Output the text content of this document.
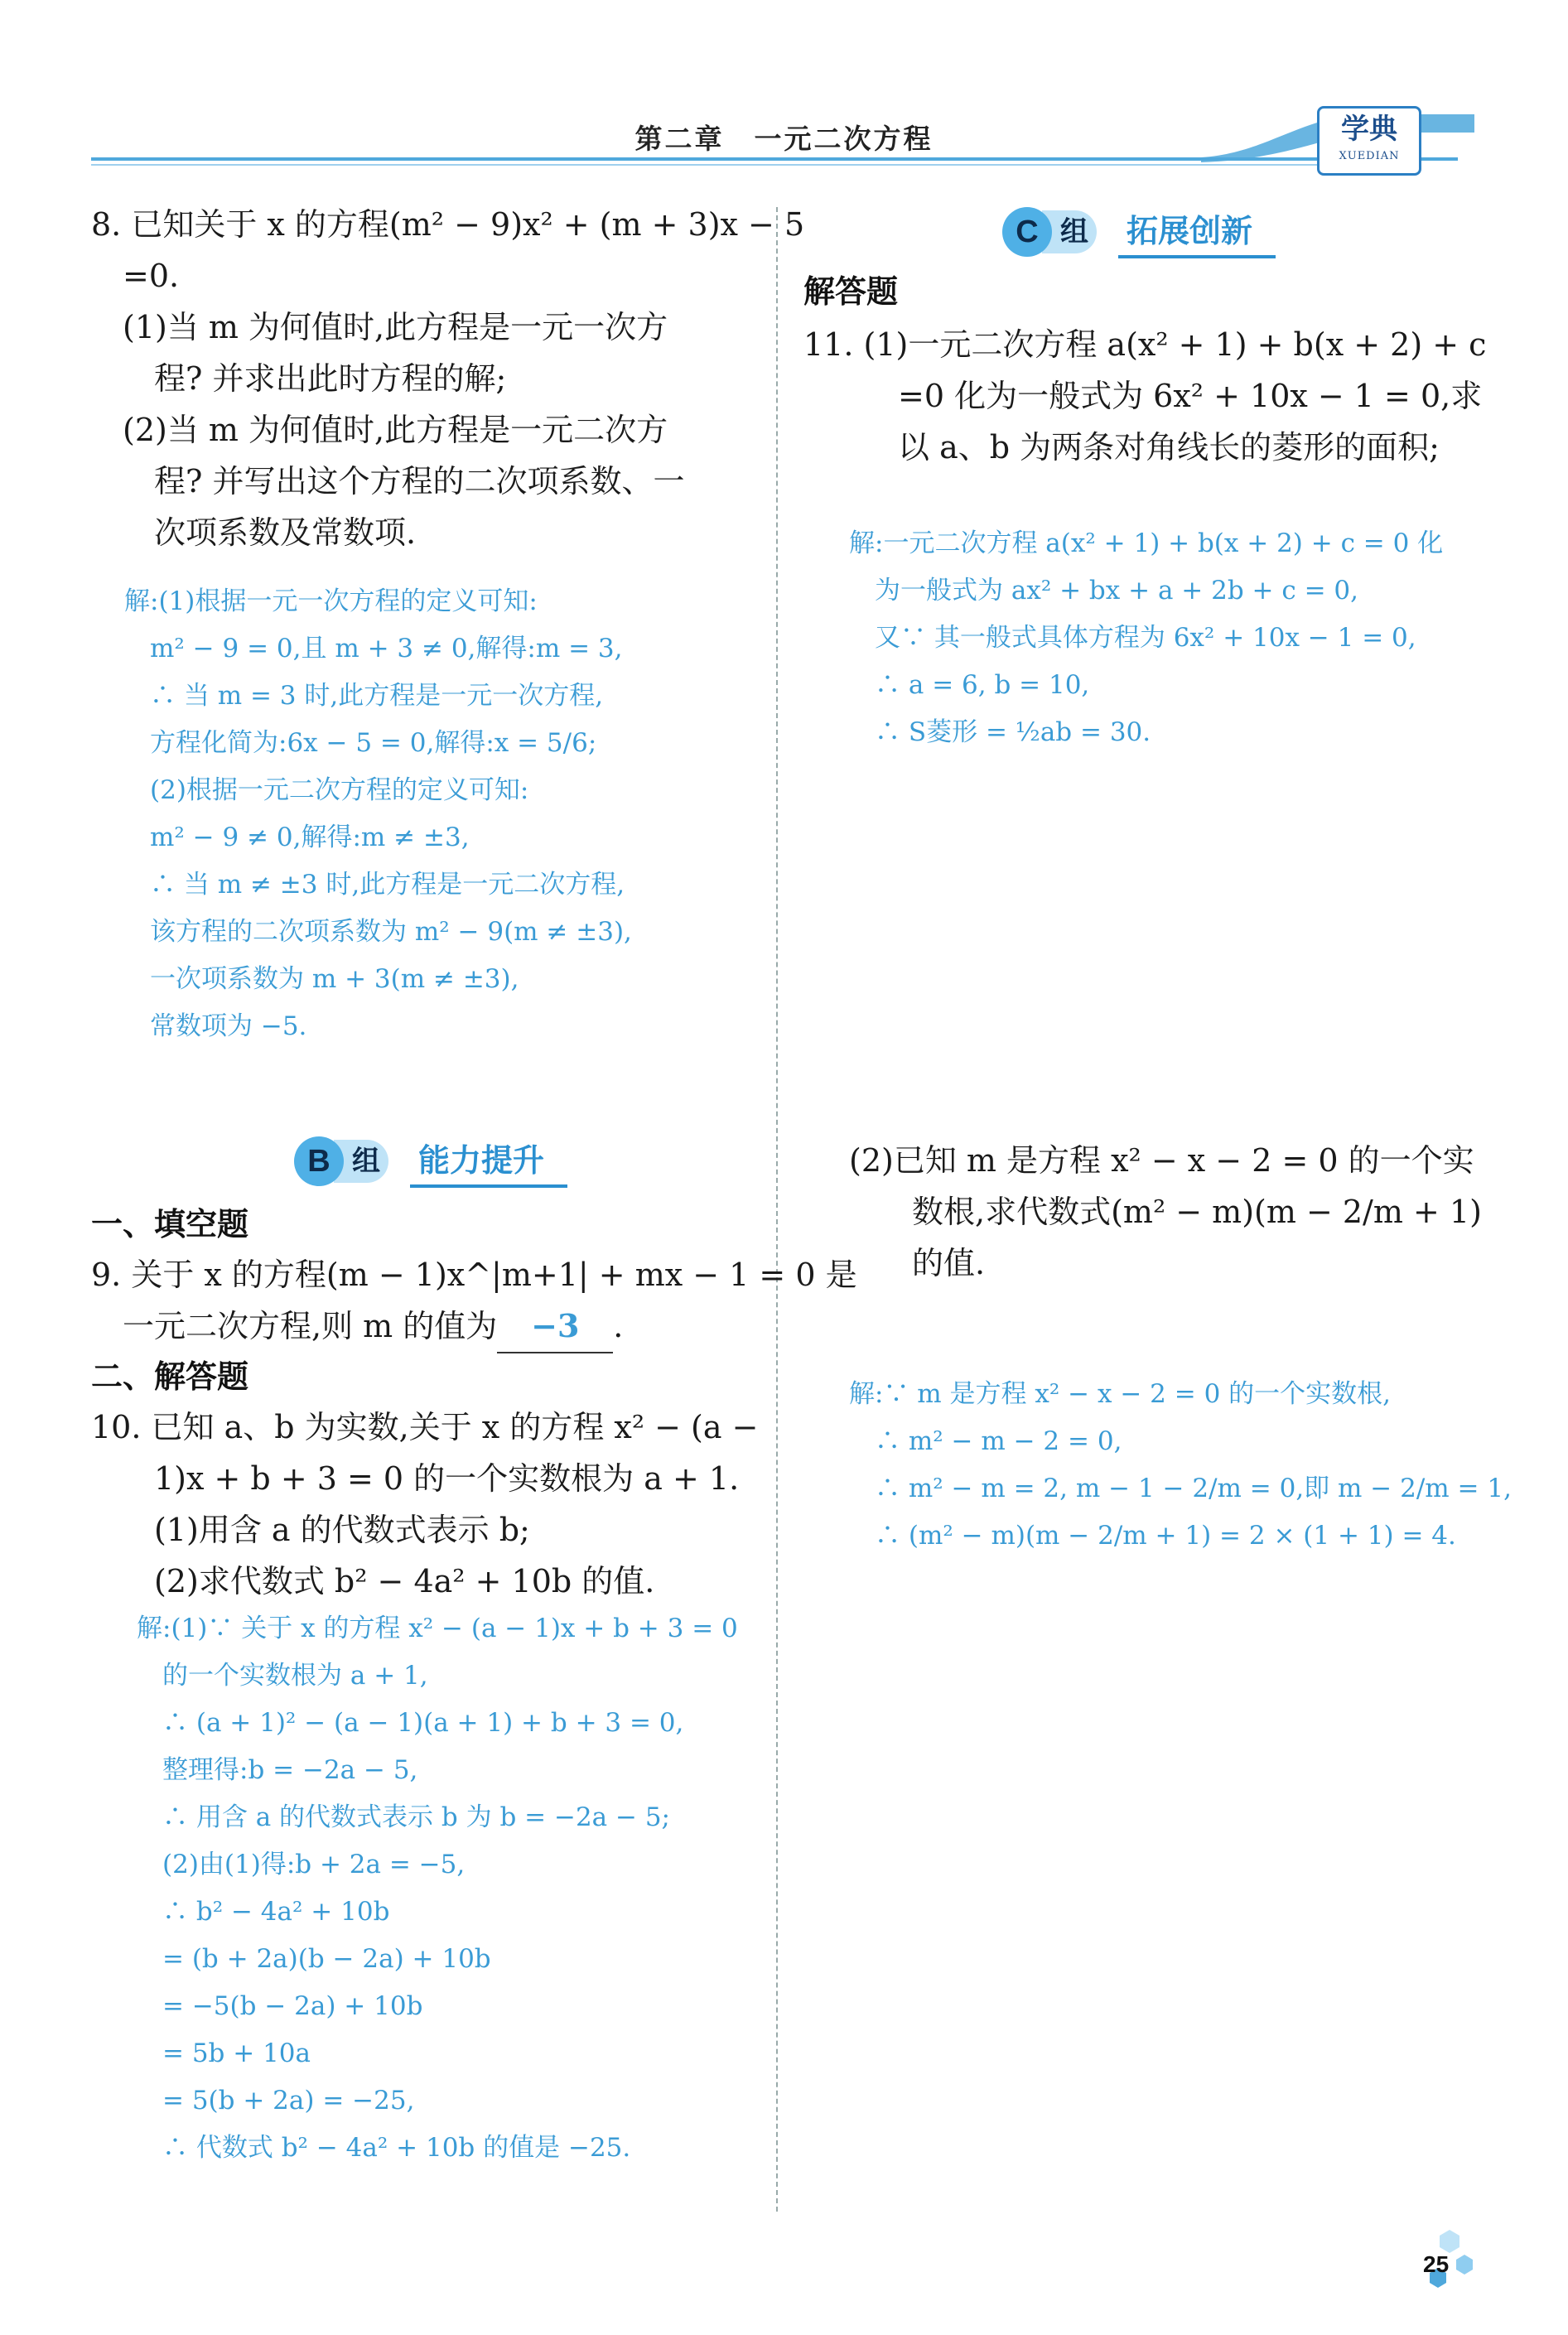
第二章　一元二次方程	学典
XUEDIAN
8. 已知关于 x 的方程(m² − 9)x² + (m + 3)x − 5
　=0.
　(1)当 m 为何值时,此方程是一元一次方
　　程? 并求出此时方程的解;
　(2)当 m 为何值时,此方程是一元二次方
　　程? 并写出这个方程的二次项系数、一
　　次项系数及常数项.
解:(1)根据一元一次方程的定义可知:
　m² − 9 = 0,且 m + 3 ≠ 0,解得:m = 3,
　∴ 当 m = 3 时,此方程是一元一次方程,
　方程化简为:6x − 5 = 0,解得:x = 5/6;
　(2)根据一元二次方程的定义可知:
　m² − 9 ≠ 0,解得:m ≠ ±3,
　∴ 当 m ≠ ±3 时,此方程是一元二次方程,
　该方程的二次项系数为 m² − 9(m ≠ ±3),
　一次项系数为 m + 3(m ≠ ±3),
　常数项为 −5.
组
B	能力提升
一、填空题
9. 关于 x 的方程(m − 1)x^|m+1| + mx − 1 = 0 是
　一元二次方程,则 m 的值为 −3 .
二、解答题
10. 已知 a、b 为实数,关于 x 的方程 x² − (a −
　　1)x + b + 3 = 0 的一个实数根为 a + 1.
　　(1)用含 a 的代数式表示 b;
　　(2)求代数式 b² − 4a² + 10b 的值.
解:(1)∵ 关于 x 的方程 x² − (a − 1)x + b + 3 = 0
　的一个实数根为 a + 1,
　∴ (a + 1)² − (a − 1)(a + 1) + b + 3 = 0,
　整理得:b = −2a − 5,
　∴ 用含 a 的代数式表示 b 为 b = −2a − 5;
　(2)由(1)得:b + 2a = −5,
　∴ b² − 4a² + 10b
　= (b + 2a)(b − 2a) + 10b
　= −5(b − 2a) + 10b
　= 5b + 10a
　= 5(b + 2a) = −25,
　∴ 代数式 b² − 4a² + 10b 的值是 −25.
组
C	拓展创新
解答题
11. (1)一元二次方程 a(x² + 1) + b(x + 2) + c
　　　=0 化为一般式为 6x² + 10x − 1 = 0,求
　　　以 a、b 为两条对角线长的菱形的面积;
解:一元二次方程 a(x² + 1) + b(x + 2) + c = 0 化
　为一般式为 ax² + bx + a + 2b + c = 0,
　又∵ 其一般式具体方程为 6x² + 10x − 1 = 0,
　∴ a = 6, b = 10,
　∴ S菱形 = ½ab = 30.
(2)已知 m 是方程 x² − x − 2 = 0 的一个实
　　数根,求代数式(m² − m)(m − 2/m + 1)
　　的值.
解:∵ m 是方程 x² − x − 2 = 0 的一个实数根,
　∴ m² − m − 2 = 0,
　∴ m² − m = 2, m − 1 − 2/m = 0,即 m − 2/m = 1,
　∴ (m² − m)(m − 2/m + 1) = 2 × (1 + 1) = 4.
25
